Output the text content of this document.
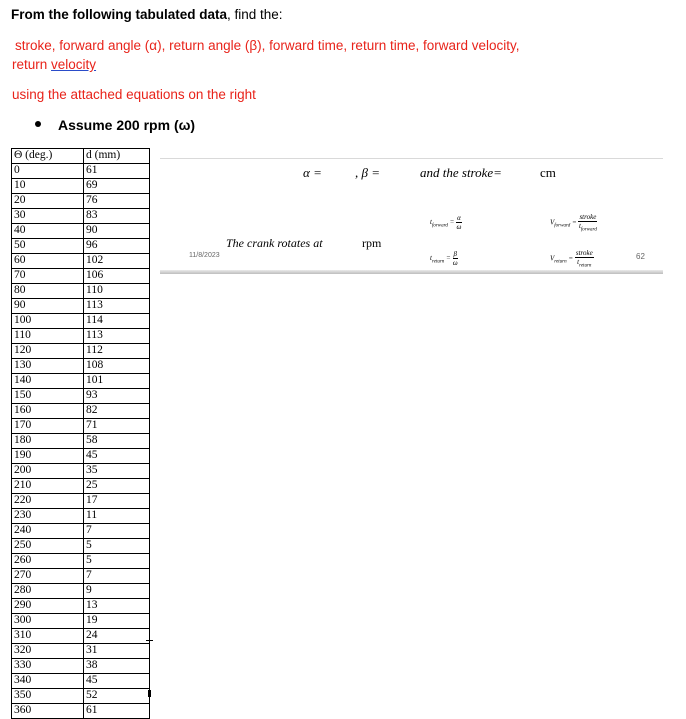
From the following tabulated data, find the:
stroke, forward angle (α), return angle (β), forward time, return time, forward velocity,
return velocity
using the attached equations on the right
Assume 200 rpm (ω)
Θ (deg.)	d (mm)
0	61
10	69
20	76
30	83
40	90
50	96
60	102
70	106
80	110
90	113
100	114
110	113
120	112
130	108
140	101
150	93
160	82
170	71
180	58
190	45
200	35
210	25
220	17
230	11
240	7
250	5
260	5
270	7
280	9
290	13
300	19
310	24
320	31
330	38
340	45
350	52
360	61
α =	, β =	and the stroke=	cm
The crank rotates at	rpm
11/8/2023	62
$t_{forward} = \frac{\alpha}{\omega}$
$t_{return} = \frac{\beta}{\omega}$
$V_{forward} = \frac{\text{stroke}}{t_{forward}}$
$V_{return} = \frac{\text{stroke}}{t_{return}}$
